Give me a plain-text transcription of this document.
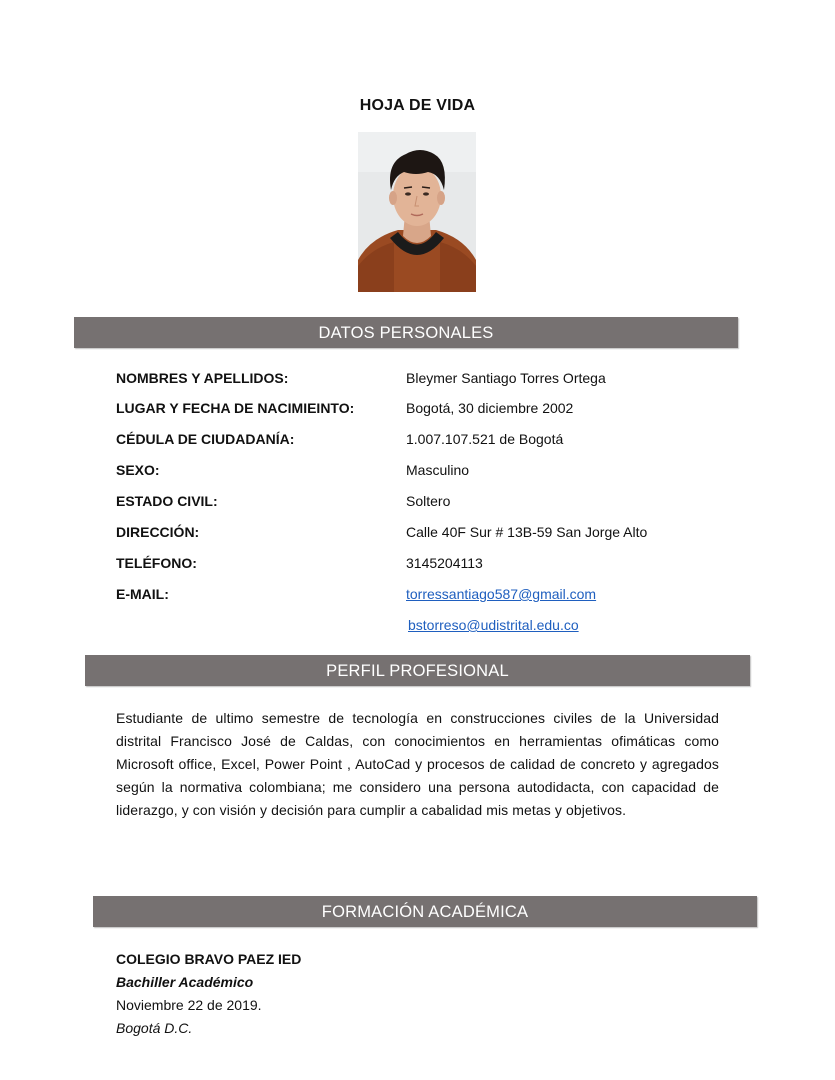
HOJA DE VIDA
DATOS PERSONALES
NOMBRES Y APELLIDOS:	Bleymer Santiago Torres Ortega
LUGAR Y FECHA DE NACIMIEINTO:	Bogotá, 30 diciembre 2002
CÉDULA DE CIUDADANÍA:	1.007.107.521 de Bogotá
SEXO:	Masculino
ESTADO CIVIL:	Soltero
DIRECCIÓN:	Calle 40F Sur # 13B-59 San Jorge Alto
TELÉFONO:	3145204113
E-MAIL:	torressantiago587@gmail.com
bstorreso@udistrital.edu.co
PERFIL PROFESIONAL
Estudiante de ultimo semestre de tecnología en construcciones civiles de la Universidad distrital Francisco José de Caldas, con conocimientos en herramientas ofimáticas como Microsoft office, Excel, Power Point , AutoCad y procesos de calidad de concreto y agregados según la normativa colombiana; me considero una persona autodidacta, con capacidad de liderazgo, y con visión y decisión para cumplir a cabalidad mis metas y objetivos.
FORMACIÓN ACADÉMICA
COLEGIO BRAVO PAEZ IED
Bachiller Académico
Noviembre 22 de 2019.
Bogotá D.C.
